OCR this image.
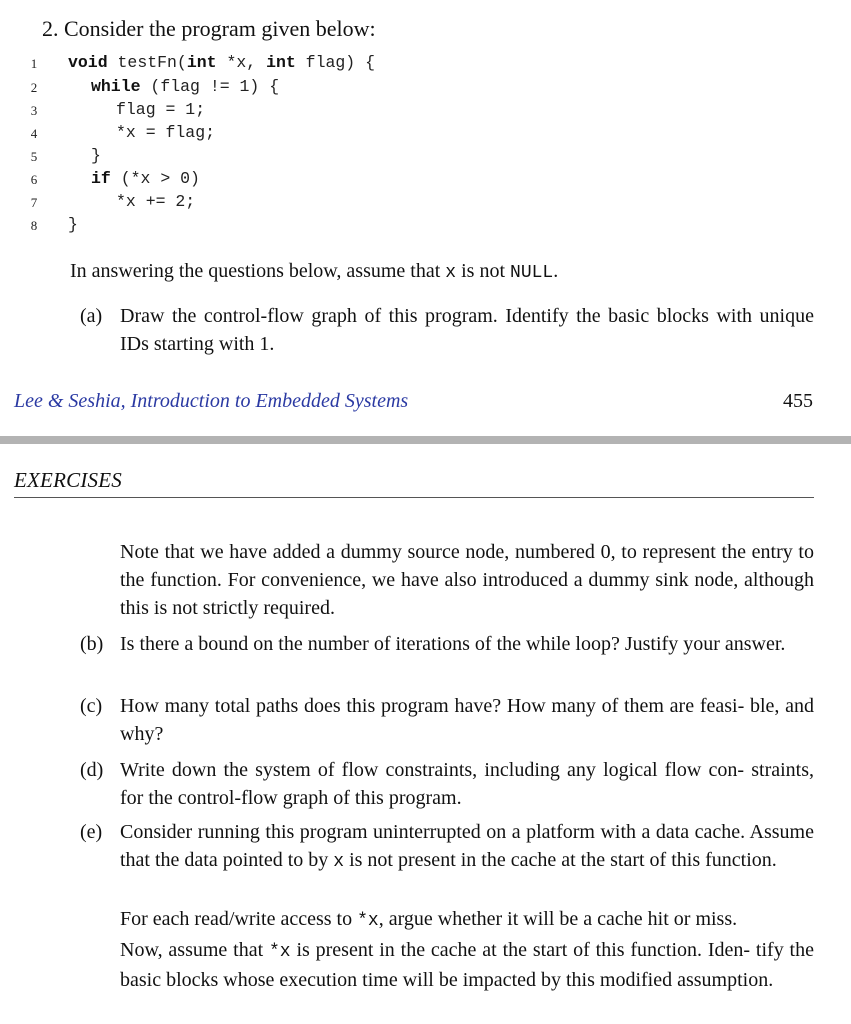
2. Consider the program given below:
1 void testFn(int *x, int flag) {
2	while (flag != 1) {
3	flag = 1;
4	*x = flag;
5	}
6	if (*x > 0)
7	*x += 2;
8 }
In answering the questions below, assume that x is not NULL.
(a) Draw the control-flow graph of this program. Identify the basic blocks with unique IDs starting with 1.
Lee & Seshia, Introduction to Embedded Systems	455
EXERCISES
Note that we have added a dummy source node, numbered 0, to represent the entry to the function. For convenience, we have also introduced a dummy sink node, although this is not strictly required.
(b) Is there a bound on the number of iterations of the while loop? Justify your answer.
(c) How many total paths does this program have? How many of them are feasi- ble, and why?
(d) Write down the system of flow constraints, including any logical flow con- straints, for the control-flow graph of this program.
(e) Consider running this program uninterrupted on a platform with a data cache. Assume that the data pointed to by x is not present in the cache at the start of this function.
For each read/write access to *x, argue whether it will be a cache hit or miss.
Now, assume that *x is present in the cache at the start of this function. Iden- tify the basic blocks whose execution time will be impacted by this modified assumption.
